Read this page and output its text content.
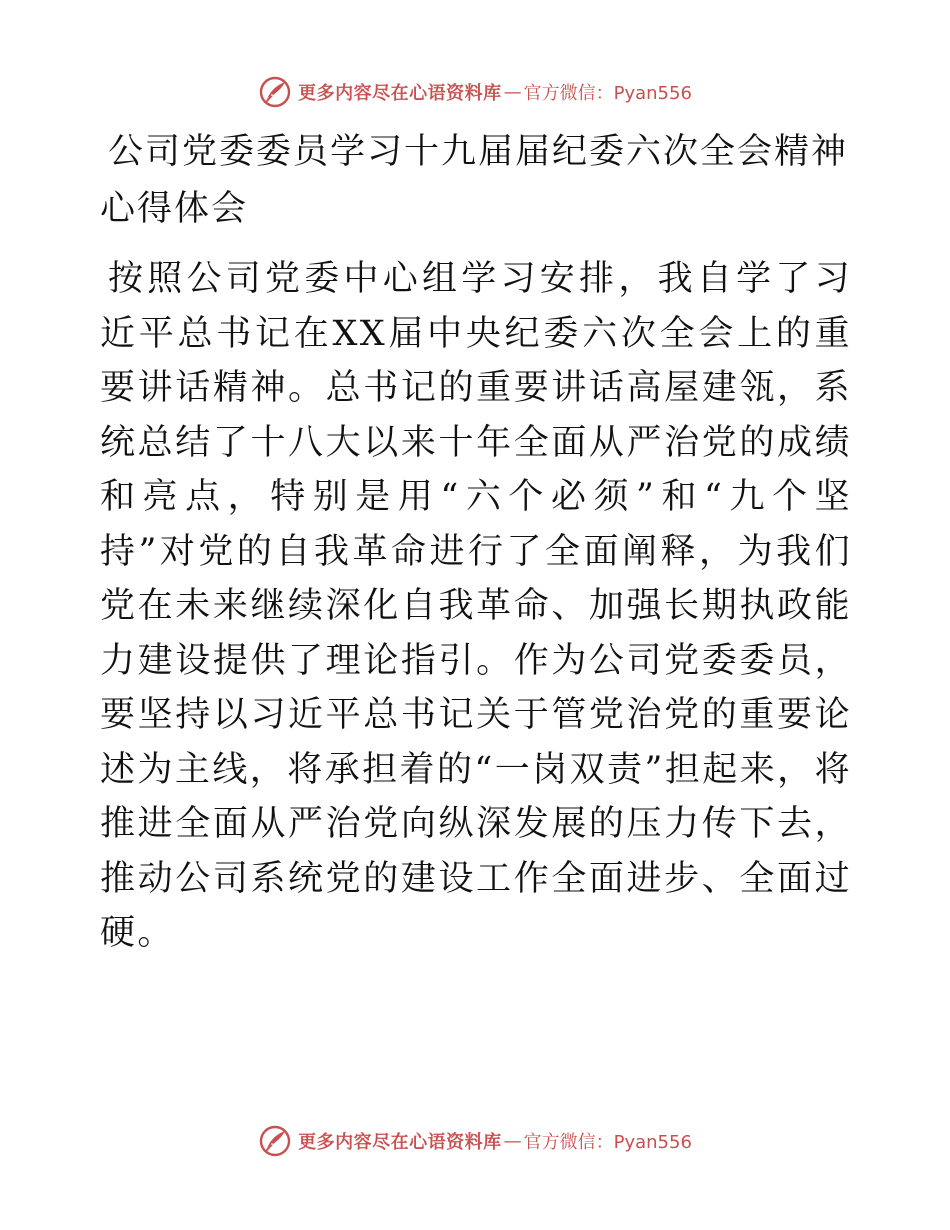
更多内容尽在心语资料库 — 官方微信：Pyan556
公司党委委员学习十九届届纪委六次全会精神心得体会

按照公司党委中心组学习安排，我自学了习近平总书记在XX届中央纪委六次全会上的重要讲话精神。总书记的重要讲话高屋建瓴，系统总结了十八大以来十年全面从严治党的成绩和亮点，特别是用“六个必须”和“九个坚持”对党的自我革命进行了全面阐释，为我们党在未来继续深化自我革命、加强长期执政能力建设提供了理论指引。作为公司党委委员，要坚持以习近平总书记关于管党治党的重要论述为主线，将承担着的“一岗双责”担起来，将推进全面从严治党向纵深发展的压力传下去，推动公司系统党的建设工作全面进步、全面过硬。

更多内容尽在心语资料库 — 官方微信：Pyan556
